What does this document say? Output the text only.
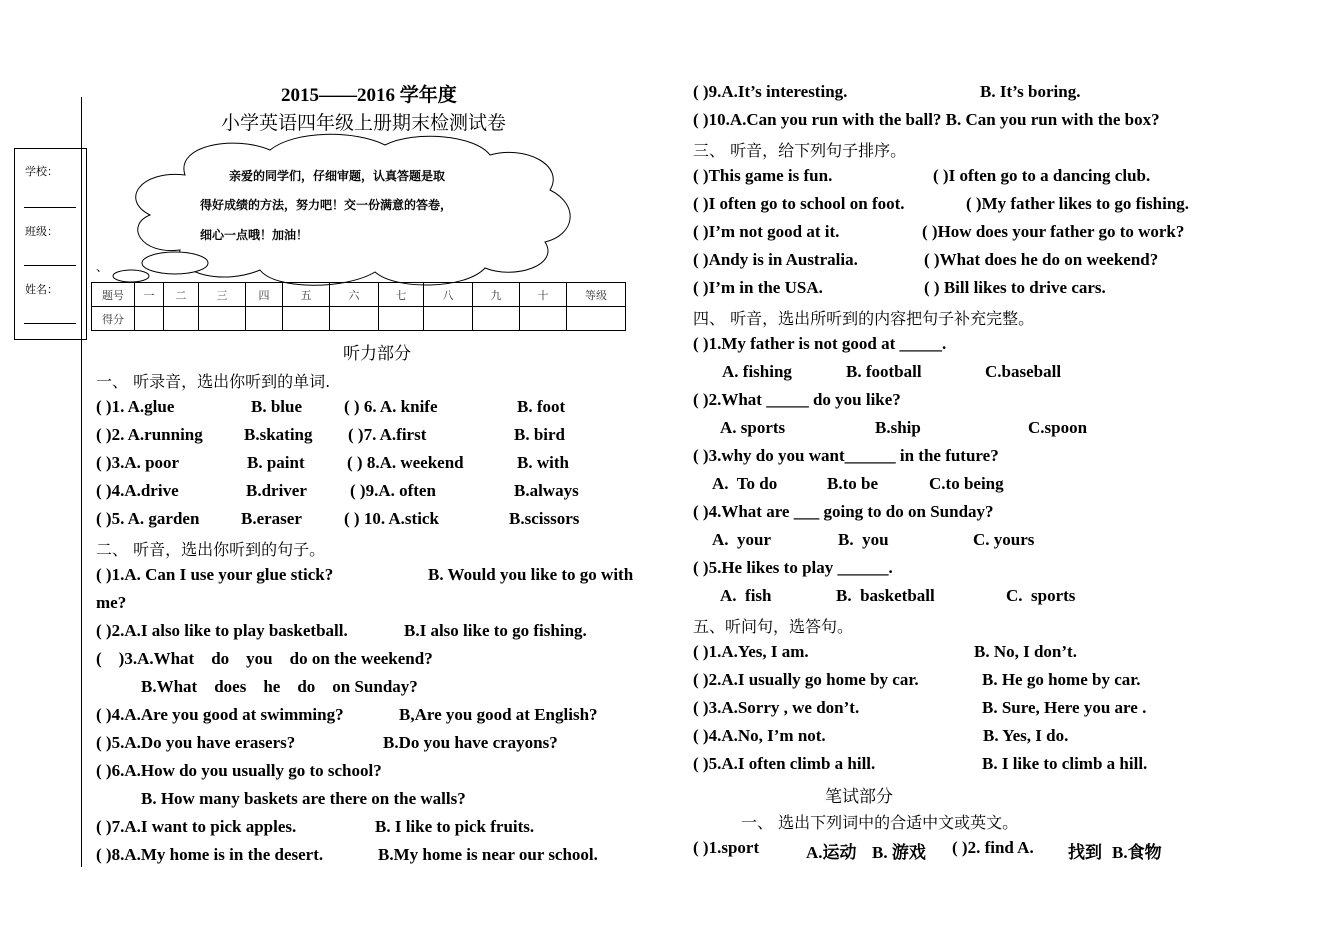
学校：
班级：
姓名：
2015——2016 学年度
小学英语四年级上册期末检测试卷
亲爱的同学们，仔细审题，认真答题是取
得好成绩的方法，努力吧！交一份满意的答卷，
细心一点哦！加油！
、
题号	一	二	三	四	五	六	七	八	九	十	等级
得分											
听力部分
一、 听录音，选出你听到的单词.
( )1. A.glue	B. blue ( ) 6. A. knife	B. foot
( )2. A.running B.skating ( )7. A.first	B. bird
( )3.A. poor	B. paint ( ) 8.A. weekend	B. with
( )4.A.drive	B.driver	( )9.A. often	B.always
( )5. A. garden B.eraser ( ) 10. A.stick	B.scissors
二、 听音，选出你听到的句子。
( )1.A. Can I use your glue stick?	B. Would you like to go with
me?
( )2.A.I also like to play basketball.	B.I also like to go fishing.
(    )3.A.What    do    you    do on the weekend?
B.What    does    he    do    on Sunday?
( )4.A.Are you good at swimming?	B,Are you good at English?
( )5.A.Do you have erasers?	B.Do you have crayons?
( )6.A.How do you usually go to school?
B. How many baskets are there on the walls?
( )7.A.I want to pick apples.	B. I like to pick fruits.
( )8.A.My home is in the desert.	B.My home is near our school.
( )9.A.It’s interesting.	B. It’s boring.
( )10.A.Can you run with the ball? B. Can you run with the box?
三、 听音，给下列句子排序。
( )This game is fun.	( )I often go to a dancing club.
( )I often go to school on foot.	( )My father likes to go fishing.
( )I’m not good at it.	( )How does your father go to work?
( )Andy is in Australia.	( )What does he do on weekend?
( )I’m in the USA.	( ) Bill likes to drive cars.
四、 听音，选出所听到的内容把句子补充完整。
( )1.My father is not good at _____.
A. fishing	B. football	C.baseball
( )2.What _____ do you like?
A. sports	B.ship	C.spoon
( )3.why do you want______ in the future?
A.  To do	B.to be	C.to being
( )4.What are ___ going to do on Sunday?
A.  your	B.  you	C. yours
( )5.He likes to play ______.
A.  fish	B.  basketball	C.  sports
五、听问句，选答句。
( )1.A.Yes, I am.	B. No, I don’t.
( )2.A.I usually go home by car.	B. He go home by car.
( )3.A.Sorry , we don’t.	B. Sure, Here you are .
( )4.A.No, I’m not.	B. Yes, I do.
( )5.A.I often climb a hill.	B. I like to climb a hill.
笔试部分
一、 选出下列词中的合适中文或英文。
( )1.sport	A.运动 B. 游戏 ( )2. find A. 找到 B.食物
